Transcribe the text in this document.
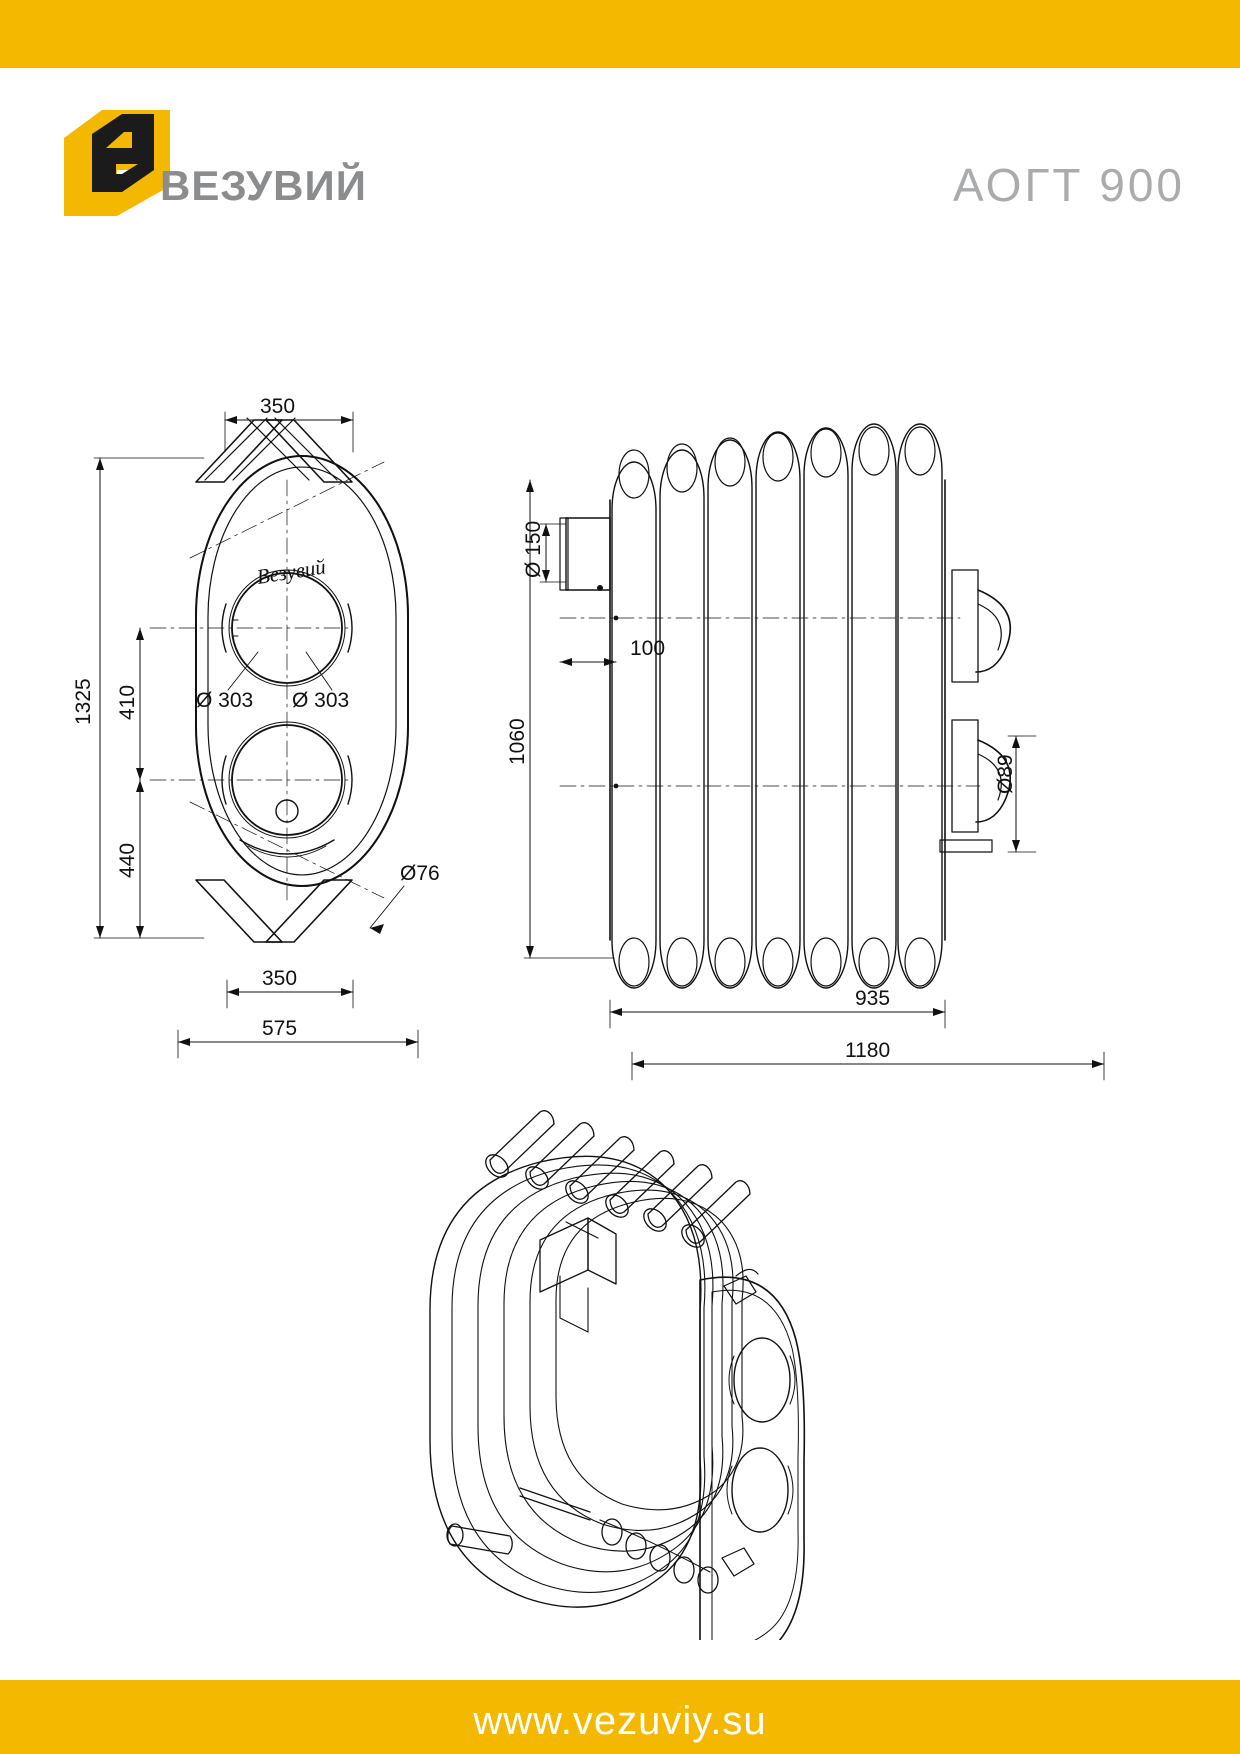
ВЕЗУВИЙ	АОГТ 900
Везувий
350
1325 410
440
Ø 303 Ø 303
Ø76
350
575
Ø 150
100
1060
Ø89
935
1180
www.vezuviy.su
